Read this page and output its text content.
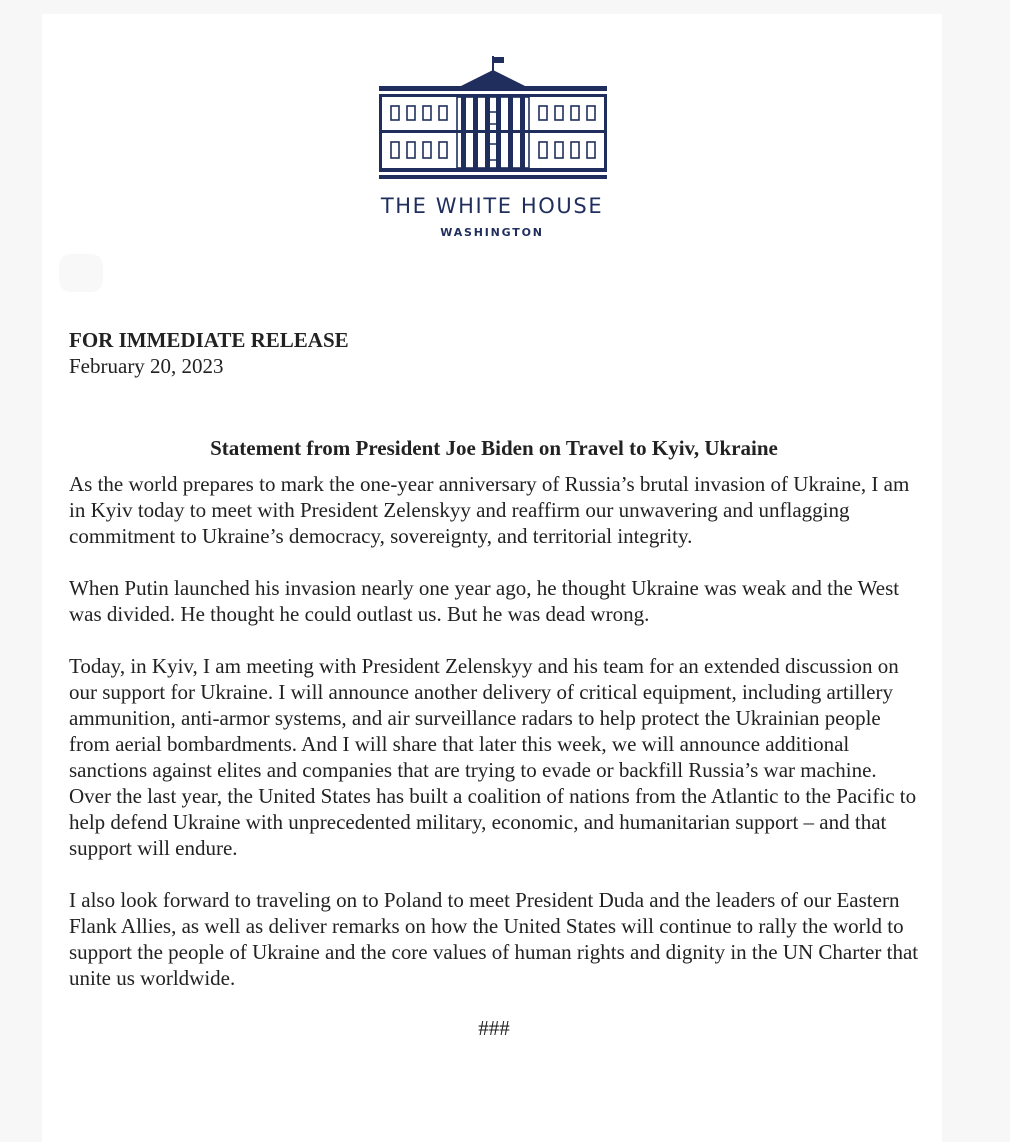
THE WHITE HOUSE
WASHINGTON

FOR IMMEDIATE RELEASE

February 20, 2023

Statement from President Joe Biden on Travel to Kyiv, Ukraine

As the world prepares to mark the one-year anniversary of Russia’s brutal invasion of Ukraine, I am in Kyiv today to meet with President Zelenskyy and reaffirm our unwavering and unflagging commitment to Ukraine’s democracy, sovereignty, and territorial integrity.

When Putin launched his invasion nearly one year ago, he thought Ukraine was weak and the West was divided. He thought he could outlast us. But he was dead wrong.

Today, in Kyiv, I am meeting with President Zelenskyy and his team for an extended discussion on our support for Ukraine. I will announce another delivery of critical equipment, including artillery ammunition, anti-armor systems, and air surveillance radars to help protect the Ukrainian people from aerial bombardments. And I will share that later this week, we will announce additional sanctions against elites and companies that are trying to evade or backfill Russia’s war machine. Over the last year, the United States has built a coalition of nations from the Atlantic to the Pacific to help defend Ukraine with unprecedented military, economic, and humanitarian support – and that support will endure.

I also look forward to traveling on to Poland to meet President Duda and the leaders of our Eastern Flank Allies, as well as deliver remarks on how the United States will continue to rally the world to support the people of Ukraine and the core values of human rights and dignity in the UN Charter that unite us worldwide.

###
